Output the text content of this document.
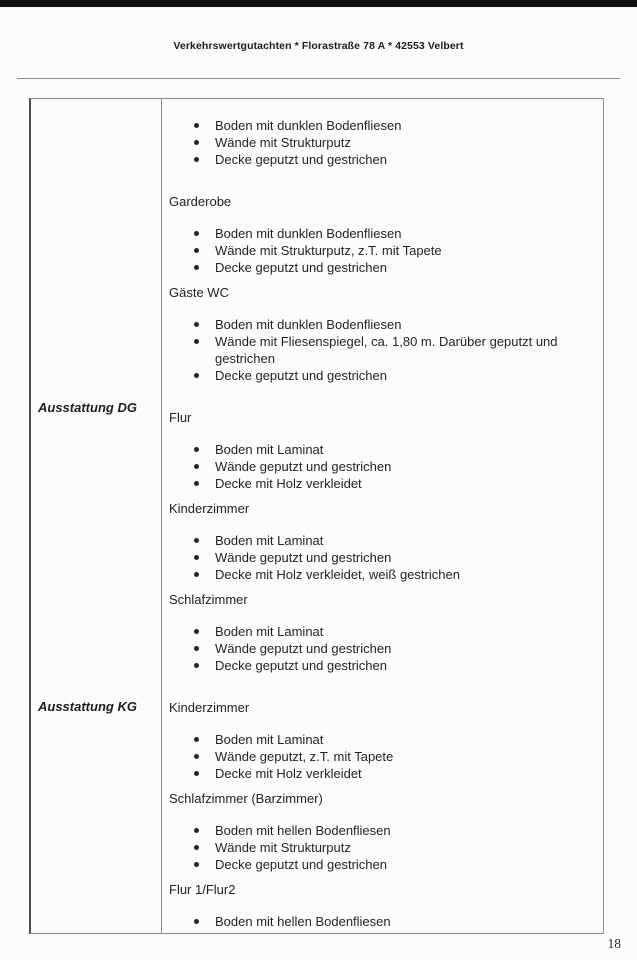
Verkehrswertgutachten * Florastraße 78 A * 42553 Velbert
Ausstattung DG
Ausstattung KG
Boden mit dunklen Bodenfliesen
Wände mit Strukturputz
Decke geputzt und gestrichen
Garderobe
Boden mit dunklen Bodenfliesen
Wände mit Strukturputz, z.T. mit Tapete
Decke geputzt und gestrichen
Gäste WC
Boden mit dunklen Bodenfliesen
Wände mit Fliesenspiegel, ca. 1,80 m. Darüber geputzt und gestrichen
Decke geputzt und gestrichen
Flur
Boden mit Laminat
Wände geputzt und gestrichen
Decke mit Holz verkleidet
Kinderzimmer
Boden mit Laminat
Wände geputzt und gestrichen
Decke mit Holz verkleidet, weiß gestrichen
Schlafzimmer
Boden mit Laminat
Wände geputzt und gestrichen
Decke geputzt und gestrichen
Kinderzimmer
Boden mit Laminat
Wände geputzt, z.T. mit Tapete
Decke mit Holz verkleidet
Schlafzimmer (Barzimmer)
Boden mit hellen Bodenfliesen
Wände mit Strukturputz
Decke geputzt und gestrichen
Flur 1/Flur2
Boden mit hellen Bodenfliesen
18
